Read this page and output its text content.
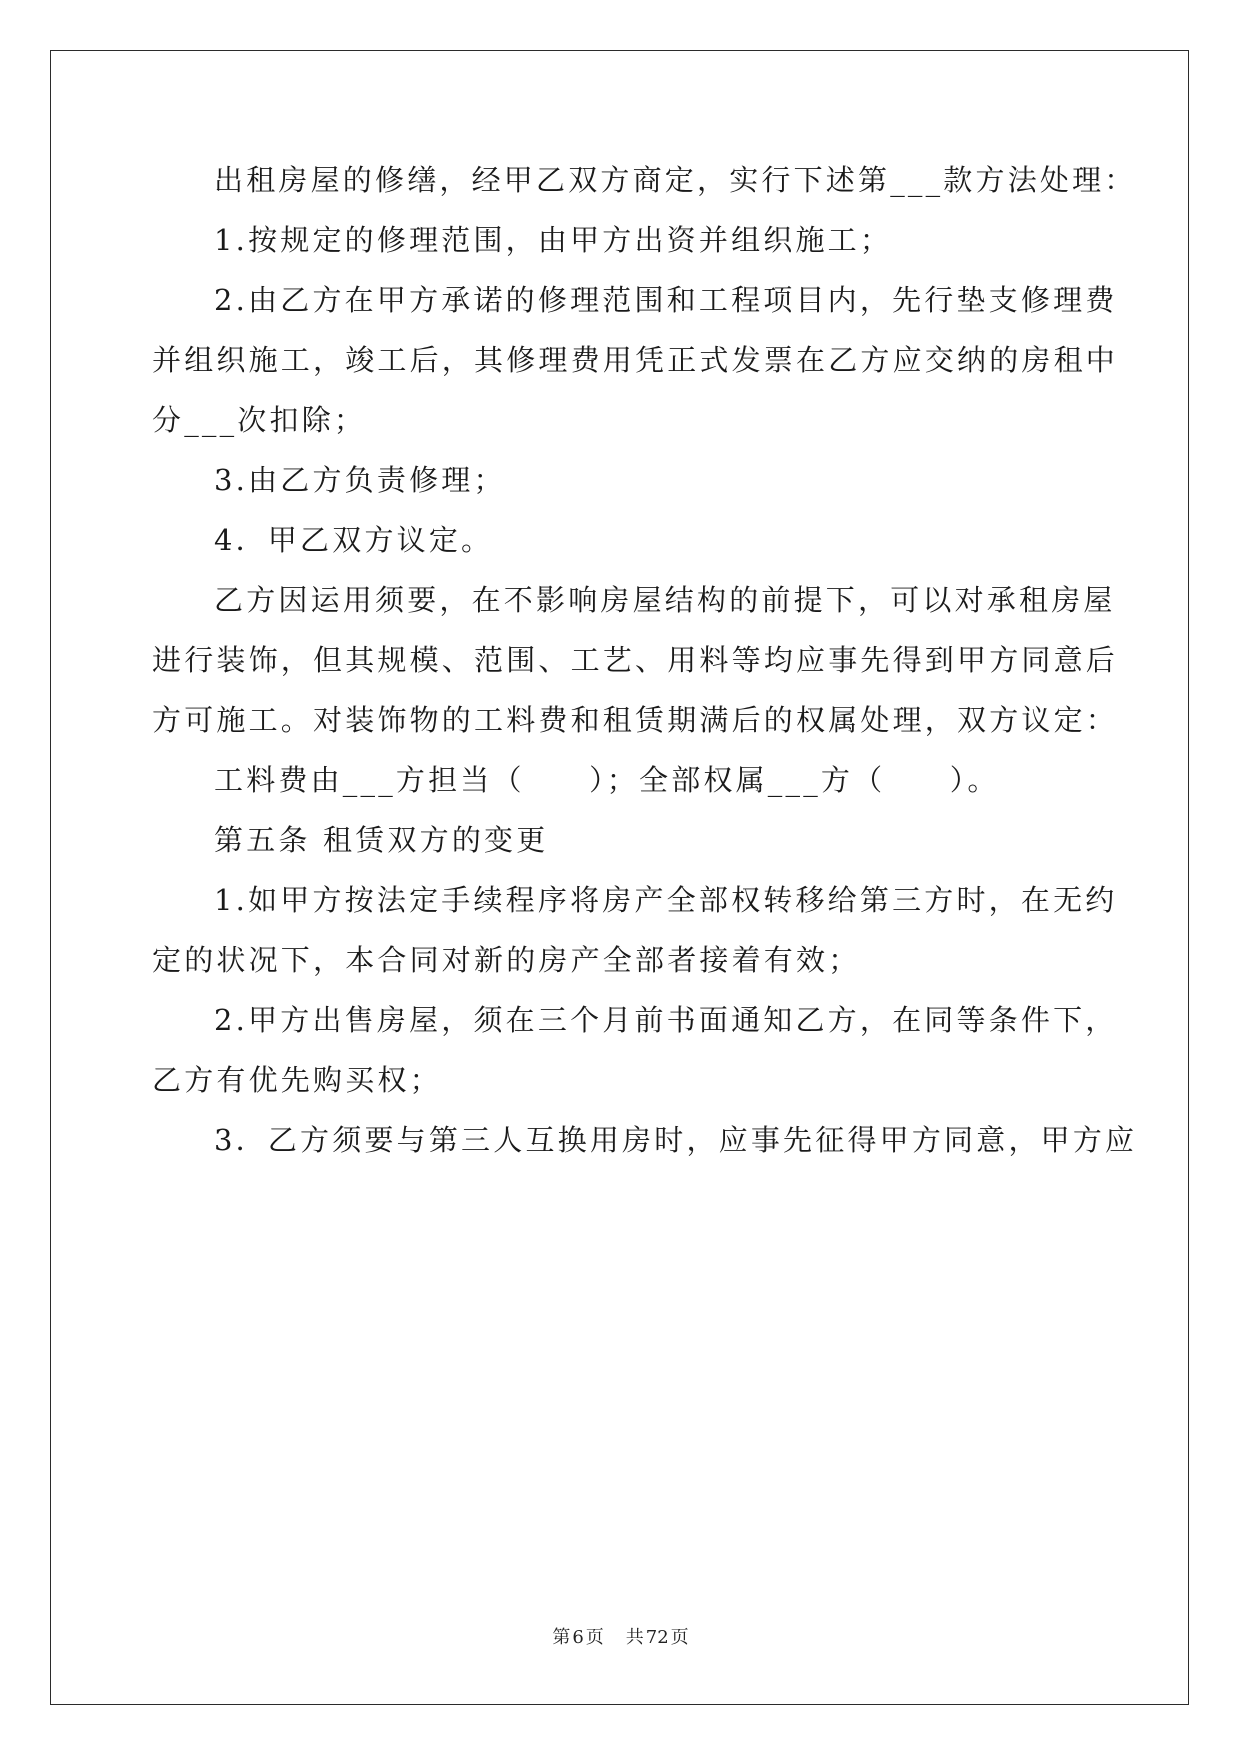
出租房屋的修缮，经甲乙双方商定，实行下述第___款方法处理：
1.按规定的修理范围，由甲方出资并组织施工；
2.由乙方在甲方承诺的修理范围和工程项目内，先行垫支修理费
并组织施工，竣工后，其修理费用凭正式发票在乙方应交纳的房租中
分___次扣除；
3.由乙方负责修理；
4．甲乙双方议定。
乙方因运用须要，在不影响房屋结构的前提下，可以对承租房屋
进行装饰，但其规模、范围、工艺、用料等均应事先得到甲方同意后
方可施工。对装饰物的工料费和租赁期满后的权属处理，双方议定：
工料费由___方担当（　　）；全部权属___方（　　）。
第五条 租赁双方的变更
1.如甲方按法定手续程序将房产全部权转移给第三方时，在无约
定的状况下，本合同对新的房产全部者接着有效；
2.甲方出售房屋，须在三个月前书面通知乙方，在同等条件下，
乙方有优先购买权；
3．乙方须要与第三人互换用房时，应事先征得甲方同意，甲方应
第 6 页 共 72 页
